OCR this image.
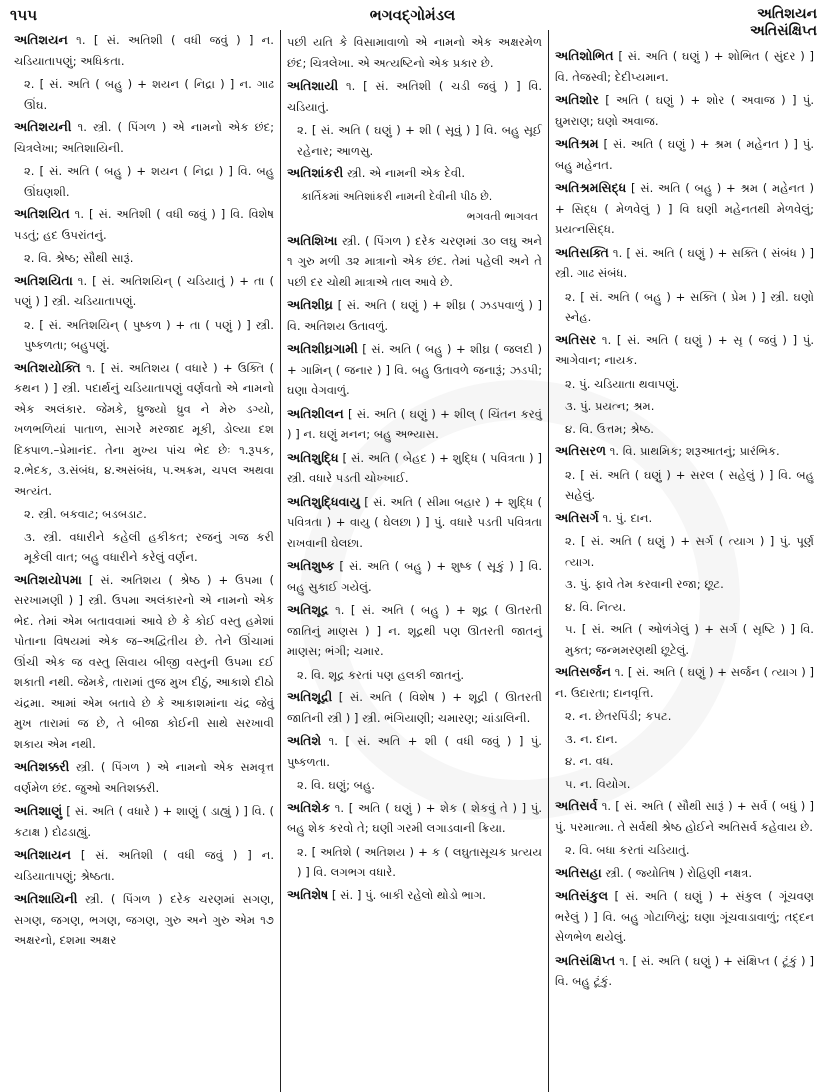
૧૫૫	ભગવદ્ગોમંડલ	અતિશયન
અતિસંક્ષિપ્ત
અતિશયન ૧. [ સં. અતિશી ( વધી જવું ) ] ન. ચડિયાતાપણું; અધિકતા.
૨. [ સં. અતિ ( બહુ ) + શયન ( નિદ્રા ) ] ન. ગાઢ ઊંઘ.
અતિશયની ૧. સ્ત્રી. ( પિંગળ ) એ નામનો એક છંદ; ચિત્રલેખા; અતિશાયિની.
૨. [ સં. અતિ ( બહુ ) + શયન ( નિદ્રા ) ] વિ. બહુ ઊંઘણશી.
અતિશયિત ૧. [ સં. અતિશી ( વધી જવું ) ] વિ. વિશેષ પડતું; હદ ઉપરાંતનું.
૨. વિ. શ્રેષ્ઠ; સૌથી સારૂં.
અતિશયિતા ૧. [ સં. અતિશયિન્ ( ચડિયાતું ) + તા ( પણું ) ] સ્ત્રી. ચડિયાતાપણું.
૨. [ સં. અતિશયિન્ ( પુષ્કળ ) + તા ( પણું ) ] સ્ત્રી. પુષ્કળતા; બહુપણું.
અતિશયોક્તિ ૧. [ સં. અતિશય ( વધારે ) + ઉક્તિ ( કથન ) ] સ્ત્રી. પદાર્થનું ચડિયાતાપણું વર્ણવતો એ નામનો એક અલંકાર. જેમકે, ધ્રુજ્યો ધ્રુવ ને મેરુ ડગ્યો, ખળભળિયાં પાતાળ, સાગરે મરજાદ મૂકી, ડોલ્યા દશ દિક્પાળ.–પ્રેમાનંદ. તેના મુખ્ય પાંચ ભેદ છેઃ ૧.રૂપક, ૨.ભેદક, ૩.સંબંધ, ૪.અસંબંધ, ૫.અક્રમ, ચપલ અથવા અત્યંત.
૨. સ્ત્રી. બકવાટ; બડબડાટ.
૩. સ્ત્રી. વધારીને કહેલી હકીકત; રજનું ગજ કરી મૂકેલી વાત; બહુ વધારીને કરેલું વર્ણન.
અતિશયોપમા [ સં. અતિશય ( શ્રેષ્ઠ ) + ઉપમા ( સરખામણી ) ] સ્ત્રી. ઉપમા અલંકારનો એ નામનો એક ભેદ. તેમાં એમ બતાવવામાં આવે છે કે કોઈ વસ્તુ હમેશાં પોતાના વિષયમાં એક જ–અદ્વિતીય છે. તેને ઊંચામાં ઊંચી એક જ વસ્તુ સિવાય બીજી વસ્તુની ઉપમા દઈ શકાતી નથી. જેમકે, તારામાં તુજ મુખ દીઠું, આકાશે દીઠો ચંદ્રમા. આમાં એમ બતાવે છે કે આકાશમાંના ચંદ્ર જેવું મુખ તારામાં જ છે, તે બીજા કોઈની સાથે સરખાવી શકાય એમ નથી.
અતિશક્કરી સ્ત્રી. ( પિંગળ ) એ નામનો એક સમવૃત્ત વર્ણમેળ છંદ. જુઓ અતિશક્કરી.
અતિશાણું [ સં. અતિ ( વધારે ) + શાણું ( ડાહ્યું ) ] વિ. ( કટાક્ષ ) દોઢડાહ્યું.
અતિશાયન [ સં. અતિશી ( વધી જવું ) ] ન. ચડિયાતાપણું; શ્રેષ્ઠતા.
અતિશાયિની સ્ત્રી. ( પિંગળ ) દરેક ચરણમાં સગણ, સગણ, જગણ, ભગણ, જગણ, ગુરુ અને ગુરુ એમ ૧૭ અક્ષરનો, દશમા અક્ષર
પછી યતિ કે વિસામાવાળો એ નામનો એક અક્ષરમેળ છંદ; ચિત્રલેખા. એ અત્યષ્ટિનો એક પ્રકાર છે.
અતિશાયી ૧. [ સં. અતિશી ( ચડી જવું ) ] વિ. ચડિયાતું.
૨. [ સં. અતિ ( ઘણું ) + શી ( સૂવું ) ] વિ. બહુ સૂઈ રહેનાર; આળસુ.
અતિશાંકરી સ્ત્રી. એ નામની એક દેવી.
કાર્તિકમાં અતિશાંકરી નામની દેવીની પીઠ છે.
ભગવતી ભાગવત
અતિશિખા સ્ત્રી. ( પિંગળ ) દરેક ચરણમાં ૩૦ લઘુ અને ૧ ગુરુ મળી ૩૨ માત્રાનો એક છંદ. તેમાં પહેલી અને તે પછી દર ચોથી માત્રાએ તાલ આવે છે.
અતિશીઘ્ર [ સં. અતિ ( ઘણું ) + શીઘ્ર ( ઝડપવાળું ) ] વિ. અતિશય ઉતાવળું.
અતિશીઘ્રગામી [ સં. અતિ ( બહુ ) + શીઘ્ર ( જલદી ) + ગામિન્ ( જનાર ) ] વિ. બહુ ઉતાવળે જનારૂં; ઝડપી; ઘણા વેગવાળું.
અતિશીલન [ સં. અતિ ( ઘણું ) + શીલ્ ( ચિંતન કરવું ) ] ન. ઘણું મનન; બહુ અભ્યાસ.
અતિશુદ્ધિ [ સં. અતિ ( બેહદ ) + શુદ્ધિ ( પવિત્રતા ) ] સ્ત્રી. વધારે પડતી ચોખ્ખાઈ.
અતિશુદ્ધિવાયુ [ સં. અતિ ( સીમા બહાર ) + શુદ્ધિ ( પવિત્રતા ) + વાયુ ( ઘેલછા ) ] પું. વધારે પડતી પવિત્રતા રાખવાની ઘેલછા.
અતિશુષ્ક [ સં. અતિ ( બહુ ) + શુષ્ક ( સૂકું ) ] વિ. બહુ સુકાઈ ગયેલું.
અતિશૂદ્ર ૧. [ સં. અતિ ( બહુ ) + શૂદ્ર ( ઊતરતી જાતિનું માણસ ) ] ન. શૂદ્રથી પણ ઊતરતી જાતનું માણસ; ભંગી; ચમાર.
૨. વિ. શૂદ્ર કરતાં પણ હલકી જાતનું.
અતિશૂદ્રી [ સં. અતિ ( વિશેષ ) + શૂદ્રી ( ઊતરતી જાતિની સ્ત્રી ) ] સ્ત્રી. ભંગિયાણી; ચમારણ; ચાંડાલિની.
અતિશે ૧. [ સં. અતિ + શી ( વધી જવું ) ] પું. પુષ્કળતા.
૨. વિ. ઘણું; બહુ.
અતિશેક ૧. [ અતિ ( ઘણું ) + શેક ( શેકવું તે ) ] પું. બહુ શેક કરવો તે; ઘણી ગરમી લગાડવાની ક્રિયા.
૨. [ અતિશે ( અતિશય ) + ક ( લઘુતાસૂચક પ્રત્યય ) ] વિ. લગભગ વધારે.
અતિશેષ [ સં. ] પું. બાકી રહેલો થોડો ભાગ.
અતિશોભિત [ સં. અતિ ( ઘણું ) + શોભિત ( સુંદર ) ] વિ. તેજસ્વી; દેદીપ્યમાન.
અતિશોર [ અતિ ( ઘણું ) + શોર ( અવાજ ) ] પું. ઘુમરાણ; ઘણો અવાજ.
અતિશ્રમ [ સં. અતિ ( ઘણું ) + શ્રમ ( મહેનત ) ] પું. બહુ મહેનત.
અતિશ્રમસિદ્ધ [ સં. અતિ ( બહુ ) + શ્રમ ( મહેનત ) + સિદ્ધ ( મેળવેલું ) ] વિ ઘણી મહેનતથી મેળવેલું; પ્રયત્નસિદ્ધ.
અતિસક્તિ ૧. [ સં. અતિ ( ઘણું ) + સક્તિ ( સંબંધ ) ] સ્ત્રી. ગાઢ સંબંધ.
૨. [ સં. અતિ ( બહુ ) + સક્તિ ( પ્રેમ ) ] સ્ત્રી. ઘણો સ્નેહ.
અતિસર ૧. [ સં. અતિ ( ઘણું ) + સૃ ( જવું ) ] પું. આગેવાન; નાયક.
૨. પું. ચડિયાતા થવાપણું.
૩. પું. પ્રયત્ન; શ્રમ.
૪. વિ. ઉત્તમ; શ્રેષ્ઠ.
અતિસરળ ૧. વિ. પ્રાથમિક; શરૂઆતનું; પ્રારંભિક.
૨. [ સં. અતિ ( ઘણું ) + સરલ ( સહેલું ) ] વિ. બહુ સહેલું.
અતિસર્ગ ૧. પું. દાન.
૨. [ સં. અતિ ( ઘણું ) + સર્ગ ( ત્યાગ ) ] પું. પૂર્ણ ત્યાગ.
૩. પું. ફાવે તેમ કરવાની રજા; છૂટ.
૪. વિ. નિત્ય.
૫. [ સં. અતિ ( ઓળંગેલું ) + સર્ગ ( સૃષ્ટિ ) ] વિ. મુક્ત; જન્મમરણથી છૂટેલું.
અતિસર્જન ૧. [ સં. અતિ ( ઘણું ) + સર્જન ( ત્યાગ ) ] ન. ઉદારતા; દાનવૃત્તિ.
૨. ન. છેતરપિંડી; કપટ.
૩. ન. દાન.
૪. ન. વધ.
૫. ન. વિયોગ.
અતિસર્વ ૧. [ સં. અતિ ( સૌથી સારૂં ) + સર્વ ( બધું ) ] પું. પરમાત્મા. તે સર્વથી શ્રેષ્ઠ હોઈને અતિસર્વ કહેવાય છે.
૨. વિ. બધા કરતાં ચડિયાતું.
અતિસહા સ્ત્રી. ( જ્યોતિષ ) રોહિણી નક્ષત્ર.
અતિસંકુલ [ સં. અતિ ( ઘણું ) + સંકુલ ( ગૂંચવણ ભરેલું ) ] વિ. બહુ ગોટાળિયું; ઘણા ગૂંચવાડાવાળું; તદ્દન સેળભેળ થયેલું.
અતિસંક્ષિપ્ત ૧. [ સં. અતિ ( ઘણું ) + સંક્ષિપ્ત ( ટૂંકું ) ] વિ. બહુ ટૂંકું.
